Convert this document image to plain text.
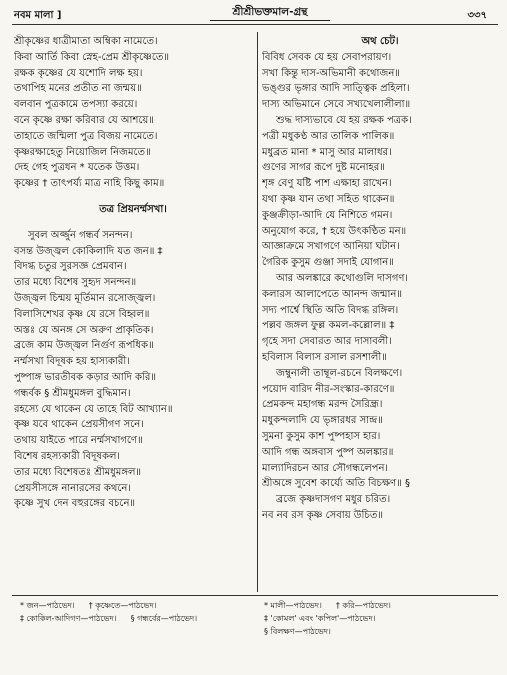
নবম মালা ]	শ্রীশ্রীভক্তমাল-গ্রন্থ	৩৩৭
শ্রীকৃষ্ণের ধাত্রীমাতা অম্বিকা নামেতে।
কিবা আর্তি কিবা স্নেহ-প্রেম শ্রীকৃষ্ণেতে॥
রক্ষক কৃষ্ণের যে যশোদি লক্ষ হয়।
তথাপিহ মনের প্রতীত না জন্ময়॥
বলবান পুত্রকামে তপস্যা করয়ে।
বনে কৃষ্ণে রক্ষা করিবার যে আশয়ে॥
তাহাতে জন্মিলা পুত্র বিজয় নামেতে।
কৃষ্ণরক্ষাহেতু নিয়োজিল নিজমতে॥
দেহ গেহ পুত্রধন * যতেক উত্তম।
কৃষ্ণের † তাৎপর্য্য মাত্র নাহি কিছু কাম॥
তত্র প্রিয়নর্ম্মসখা।
সুবল অর্জ্জুন গন্ধর্ব সনন্দন।
বসন্ত উজ্জ্বল কোকিলাদি যত জন॥ ‡
বিদগ্ধ চতুর সুরসজ্ঞ প্রেমবান।
তার মধ্যে বিশেষ সুহৃদ সনন্দন॥
উজ্জ্বল চিন্ময় মূর্তিমান রসোজ্জ্বল।
বিলাসিশেখর কৃষ্ণ যে রসে বিহ্বল॥
অস্তঃ যে অনঙ্গ সে অরুণ প্রাকৃতিক।
ব্রজে কাম উজ্জ্বল নির্গুণ রূপধিক॥
নর্ম্মসখা বিদূষক হয় হাস্যকারী।
পুষ্পাঙ্গ ভারতীবক কড়ার আদি করি॥
গন্ধর্বক § শ্রীমধুমঙ্গল বুদ্ধিমান।
রহস্যে যে থাকেন যে তাহে বিট আখ্যান॥
কৃষ্ণ যবে থাকেন প্রেয়সীগণ সনে।
তথায় যাইতে পারে নর্ম্মসখাগণে॥
বিশেষ রহস্যকারী বিদূষকল।
তার মধ্যে বিশেষতঃ শ্রীমধুমঙ্গল॥
প্রেয়সীসঙ্গে নানারসের কথনে।
কৃষ্ণে সুখ দেন বহুরঙ্গের বচনে॥
অথ চেট।
বিবিধ সেবক যে হয় সেবাপরায়ণ।
সখা কিন্তু দাস-অভিমানী কথোজন॥
ভঙ্গুর ভৃঙ্গার আদি সাত্ত্বিক প্রহিলা।
দাস্য অভিমানে সেবে সখ্যখেলালীলা॥
শুদ্ধ দাস্যভাবে যে হয় রক্ষক পত্রক।
পত্রী মধুকণ্ঠ আর তালিক পালিক॥
মধুব্রত মানা * মাসু আর মালাধর।
গুণের সাগর রূপে দুষ্ট মনোহর॥
শৃঙ্গ বেণু যষ্টি পাশ এক্ষাহা রাখেন।
যথা কৃষ্ণ যান তথা সহিত থাকেন॥
কুঞ্জক্রীড়া-আদি যে নিশিতে গমন।
অনুযোগ করে, † হয়ে উৎকণ্ঠিত মন॥
আজ্ঞাক্রমে সখাগণে আনিয়া ঘটান।
গৈরিক কুসুম গুঞ্জা সদাই যোগান॥
আর অলঙ্কারে কথোগুলি দাসগণ।
কলারস আলাপেতে আনন্দ জন্মান॥
সদ্য পার্শ্বে স্থিতি অতি বিদগ্ধ রঙ্গিল।
পল্লব জঙ্গল ফুল্ল কমল-কল্লোল॥ ‡
গৃহে সদা সেবারত আর দাসাবলী।
হবিলাস বিলাস রসাল রসশালী॥
জম্বুনালী তাম্বূল-রচনে বিলক্ষণে।
পয়োদ বারিদ নীর-সংস্কার-কারণে॥
প্রেমকন্দ মহাগন্ধ মরন্দ সৈরিন্ধ্র।
মধুকন্দলাদি যে ভৃঙ্গারধর সান্দ্র॥
সুমনা কুসুম কাশ পুষ্পহাস হার।
আদি গন্ধ অঙ্গবাস পুষ্প অলঙ্কার॥
মাল্যাদিরচন আর সৌগন্ধলেপন।
শ্রীঅঙ্গে সুবেশ কার্য্যে অতি বিচক্ষণ॥ §
ব্রজে কৃষ্ণদাসগণ মধুর চরিত।
নব নব রস কৃষ্ণ সেবায় উচিত॥
* জন—পাঠভেদ। † কৃষ্ণেতে—পাঠভেদ।
‡ কোকিল-আদিগণ—পাঠভেদ। § গন্ধর্বের—পাঠভেদ।
* মালী—পাঠভেদ। † করি—পাঠভেদ।
‡ 'কোমল' এবং 'কপিল'—পাঠভেদ।
§ বিলক্ষণ—পাঠভেদ।
